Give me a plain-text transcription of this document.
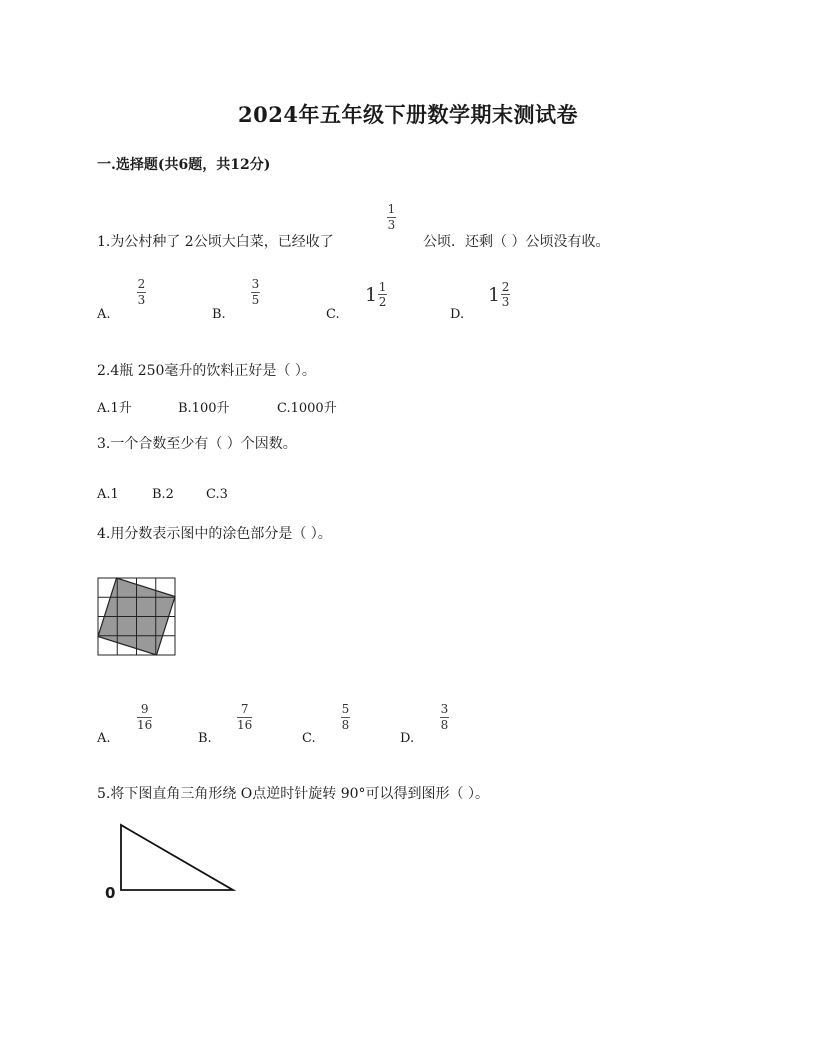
2024年五年级下册数学期末测试卷
一.选择题(共6题，共12分)
1.为公村种了 2公顷大白菜，已经收了
1
3
公顷．还剩（ ）公顷没有收。
A.
2
3
B.
3
5
C.
$1 \frac{1}{2}$
D.
$1 \frac{2}{3}$
2.4瓶 250毫升的饮料正好是（ ）。
A.1升	B.100升	C.1000升
3.一个合数至少有（ ）个因数。
A.1	B.2 C.3
4.用分数表示图中的涂色部分是（ ）。
A.
9
16
B.
7
16
C.
5
8
D.
3
8
5.将下图直角三角形绕 O点逆时针旋转 90°可以得到图形（ ）。
0
